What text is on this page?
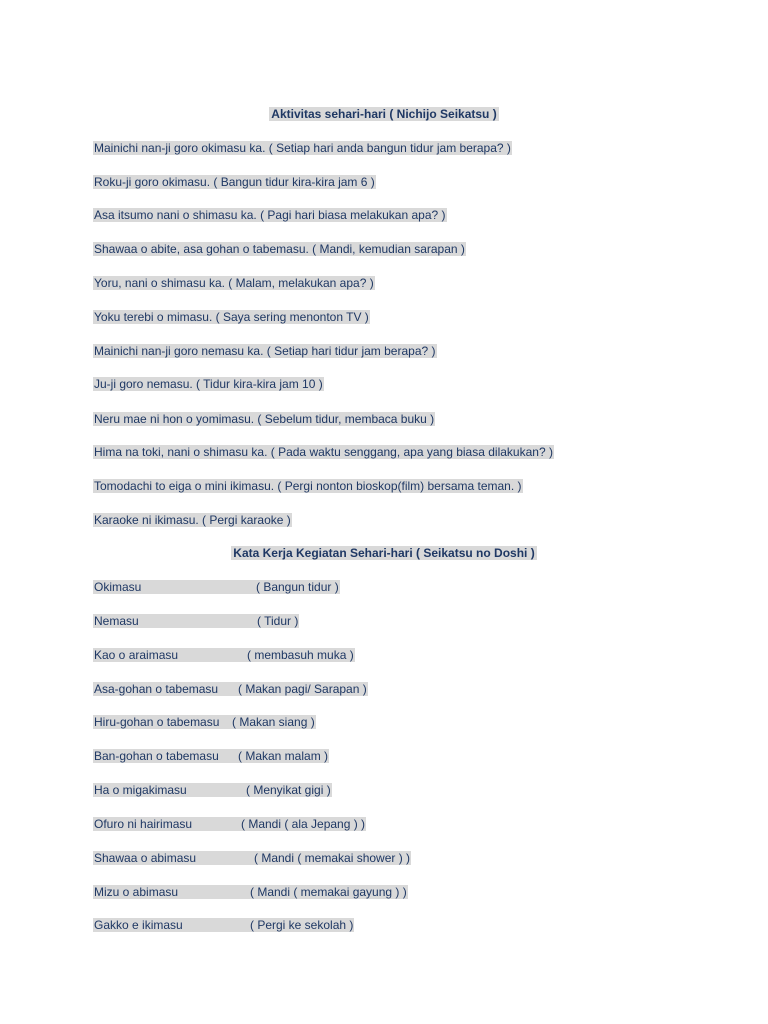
Aktivitas sehari-hari ( Nichijo Seikatsu )
Mainichi nan-ji goro okimasu ka. ( Setiap hari anda bangun tidur jam berapa? )
Roku-ji goro okimasu. ( Bangun tidur kira-kira jam 6 )
Asa itsumo nani o shimasu ka. ( Pagi hari biasa melakukan apa? )
Shawaa o abite, asa gohan o tabemasu. ( Mandi, kemudian sarapan )
Yoru, nani o shimasu ka. ( Malam, melakukan apa? )
Yoku terebi o mimasu. ( Saya sering menonton TV )
Mainichi nan-ji goro nemasu ka. ( Setiap hari tidur jam berapa? )
Ju-ji goro nemasu. ( Tidur kira-kira jam 10 )
Neru mae ni hon o yomimasu. ( Sebelum tidur, membaca buku )
Hima na toki, nani o shimasu ka. ( Pada waktu senggang, apa yang biasa dilakukan? )
Tomodachi to eiga o mini ikimasu. ( Pergi nonton bioskop(film) bersama teman. )
Karaoke ni ikimasu. ( Pergi karaoke )
Kata Kerja Kegiatan Sehari-hari ( Seikatsu no Doshi )
Okimasu	( Bangun tidur )
Nemasu	( Tidur )
Kao o araimasu	( membasuh muka )
Asa-gohan o tabemasu ( Makan pagi/ Sarapan )
Hiru-gohan o tabemasu ( Makan siang )
Ban-gohan o tabemasu ( Makan malam )
Ha o migakimasu	( Menyikat gigi )
Ofuro ni hairimasu	( Mandi ( ala Jepang ) )
Shawaa o abimasu	( Mandi ( memakai shower ) )
Mizu o abimasu	( Mandi ( memakai gayung ) )
Gakko e ikimasu	( Pergi ke sekolah )
